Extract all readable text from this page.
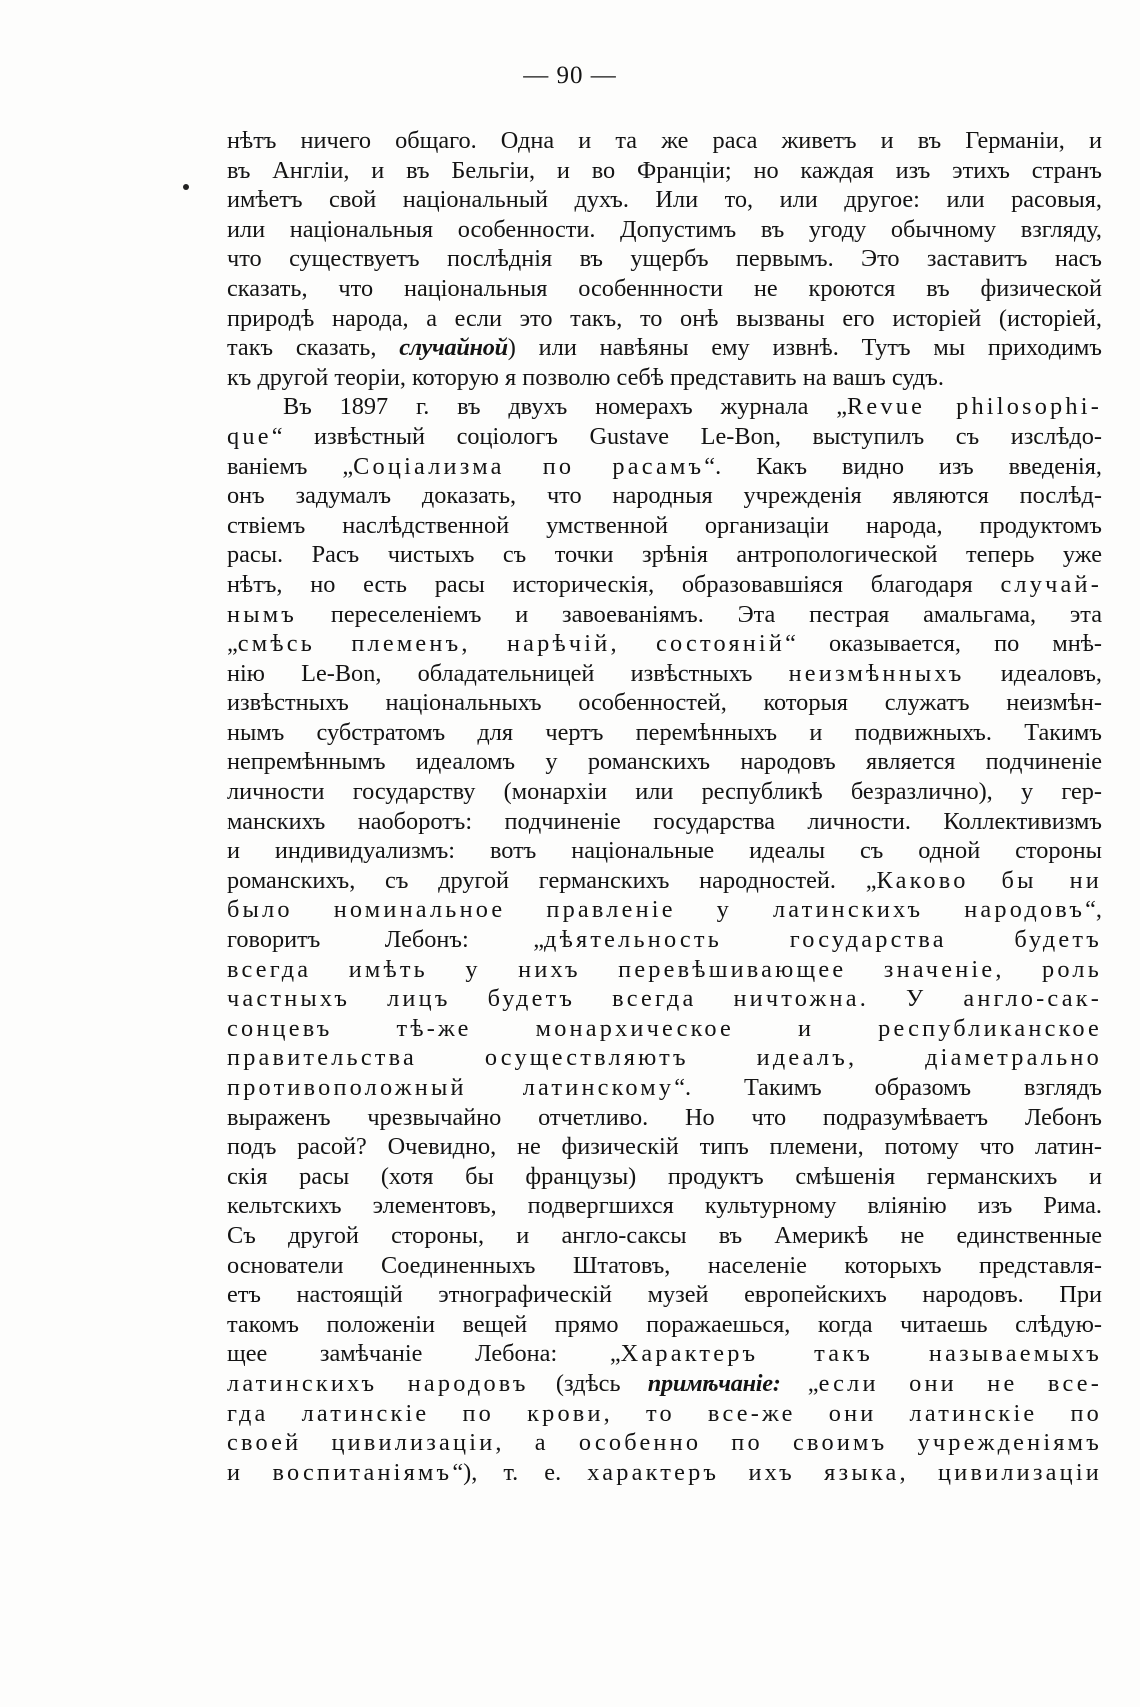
— 90 —
нѣтъ ничего общаго. Одна и та же раса живетъ и въ Германіи, и
въ Англіи, и въ Бельгіи, и во Франціи; но каждая изъ этихъ странъ
имѣетъ свой національный духъ. Или то, или другое: или расовыя,
или національныя особенности. Допустимъ въ угоду обычному взгляду,
что существуетъ послѣднія въ ущербъ первымъ. Это заставитъ насъ
сказать, что національныя особеннности не кроются въ физической
природѣ народа, а если это такъ, то онѣ вызваны его исторіей (исторіей,
такъ сказать, случайной) или навѣяны ему извнѣ. Тутъ мы приходимъ
къ другой теоріи, которую я позволю себѣ представить на вашъ судъ.
Въ 1897 г. въ двухъ номерахъ журнала „Revue philosophi-
que“ извѣстный соціологъ Gustave Le-Bon, выступилъ съ изслѣдо-
ваніемъ „Соціализма по расамъ“. Какъ видно изъ введенія,
онъ задумалъ доказать, что народныя учрежденія являются послѣд-
ствіемъ наслѣдственной умственной организаціи народа, продуктомъ
расы. Расъ чистыхъ съ точки зрѣнія антропологической теперь уже
нѣтъ, но есть расы историческія, образовавшіяся благодаря случай-
нымъ переселеніемъ и завоеваніямъ. Эта пестрая амальгама, эта
„смѣсь племенъ, нарѣчій, состояній“ оказывается, по мнѣ-
нію Le-Bon, обладательницей извѣстныхъ неизмѣнныхъ идеаловъ,
извѣстныхъ національныхъ особенностей, которыя служатъ неизмѣн-
нымъ субстратомъ для чертъ перемѣнныхъ и подвижныхъ. Такимъ
непремѣннымъ идеаломъ у романскихъ народовъ является подчиненіе
личности государству (монархіи или республикѣ безразлично), у гер-
манскихъ наоборотъ: подчиненіе государства личности. Коллективизмъ
и индивидуализмъ: вотъ національные идеалы съ одной стороны
романскихъ, съ другой германскихъ народностей. „Каково бы ни
было номинальное правленіе у латинскихъ народовъ“,
говоритъ Лебонъ: „дѣятельность государства будетъ
всегда имѣть у нихъ перевѣшивающее значеніе, роль
частныхъ лицъ будетъ всегда ничтожна. У англо-сак-
сонцевъ тѣ-же монархическое и республиканское
правительства осуществляютъ идеалъ, діаметрально
противоположный латинскому“. Такимъ образомъ взглядъ
выраженъ чрезвычайно отчетливо. Но что подразумѣваетъ Лебонъ
подъ расой? Очевидно, не физическій типъ племени, потому что латин-
скія расы (хотя бы французы) продуктъ смѣшенія германскихъ и
кельтскихъ элементовъ, подвергшихся культурному вліянію изъ Рима.
Съ другой стороны, и англо-саксы въ Америкѣ не единственные
основатели Соединенныхъ Штатовъ, населеніе которыхъ представля-
етъ настоящій этнографическій музей европейскихъ народовъ. При
такомъ положеніи вещей прямо поражаешься, когда читаешь слѣдую-
щее замѣчаніе Лебона: „Характеръ такъ называемыхъ
латинскихъ народовъ (здѣсь примѣчаніе: „если они не все-
гда латинскіе по крови, то все-же они латинскіе по
своей цивилизаціи, а особенно по своимъ учрежденіямъ
и воспитаніямъ“), т. е. характеръ ихъ языка, цивилизаціи
